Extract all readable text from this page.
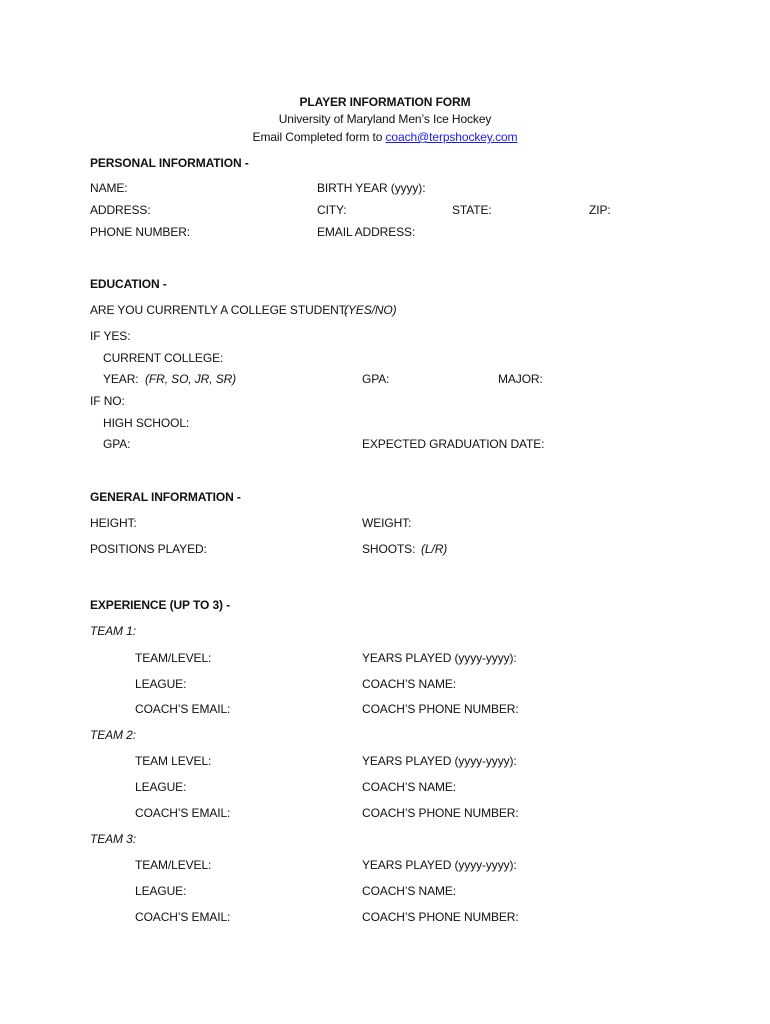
PLAYER INFORMATION FORM
University of Maryland Men’s Ice Hockey
Email Completed form to coach@terpshockey.com
PERSONAL INFORMATION -
NAME:	BIRTH YEAR (yyyy):
ADDRESS:	CITY:	STATE:	ZIP:
PHONE NUMBER:	EMAIL ADDRESS:
EDUCATION -
ARE YOU CURRENTLY A COLLEGE STUDENT:
(YES/NO)
IF YES:
CURRENT COLLEGE:
YEAR: (FR, SO, JR, SR)	GPA:	MAJOR:
IF NO:
HIGH SCHOOL:
GPA:	EXPECTED GRADUATION DATE:
GENERAL INFORMATION -
HEIGHT:	WEIGHT:
POSITIONS PLAYED:	SHOOTS: (L/R)
EXPERIENCE (UP TO 3) -
TEAM 1:
TEAM/LEVEL:	YEARS PLAYED (yyyy-yyyy):
LEAGUE:	COACH’S NAME:
COACH’S EMAIL:	COACH’S PHONE NUMBER:
TEAM 2:
TEAM LEVEL:	YEARS PLAYED (yyyy-yyyy):
LEAGUE:	COACH’S NAME:
COACH’S EMAIL:	COACH’S PHONE NUMBER:
TEAM 3:
TEAM/LEVEL:	YEARS PLAYED (yyyy-yyyy):
LEAGUE:	COACH’S NAME:
COACH’S EMAIL:	COACH’S PHONE NUMBER:
